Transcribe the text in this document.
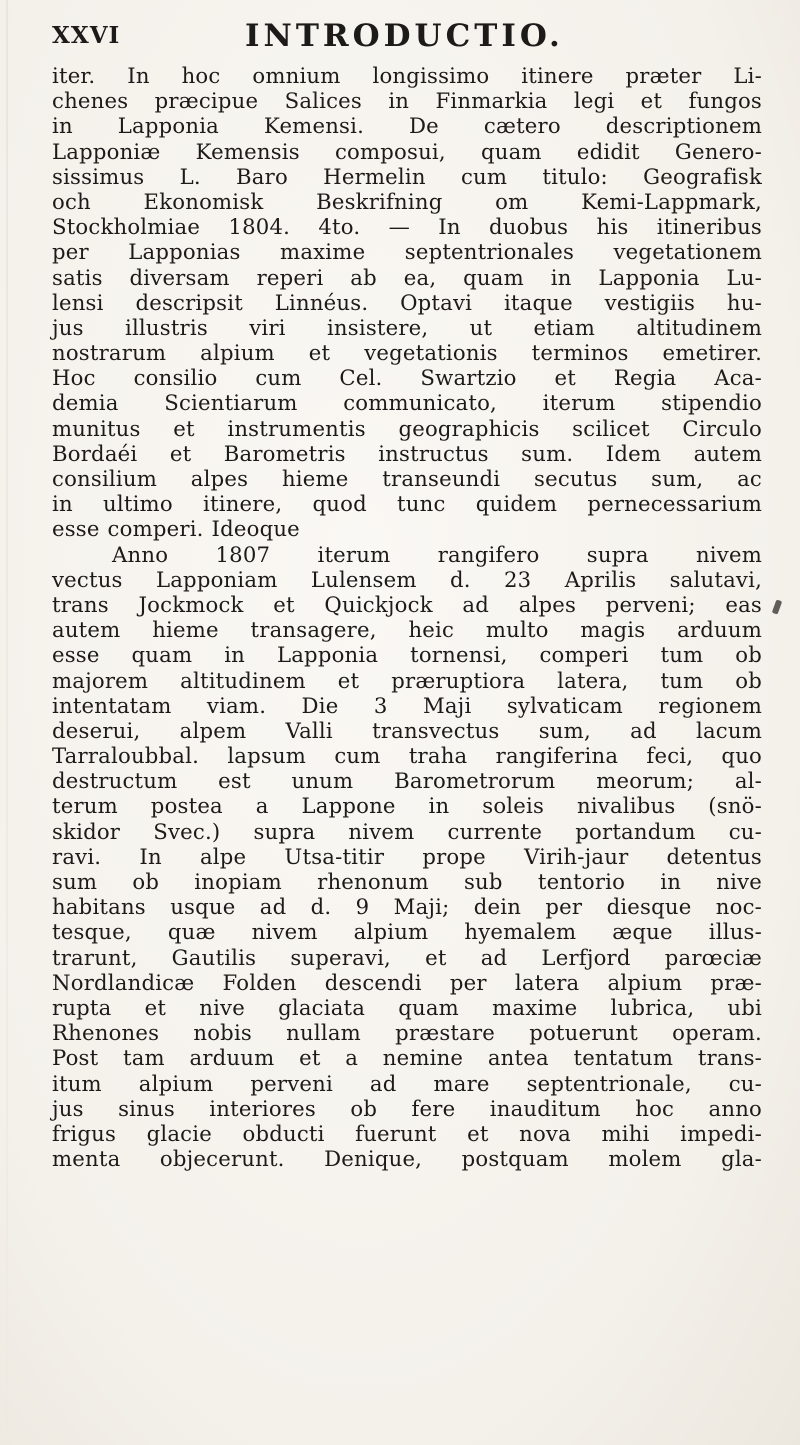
XXVI	INTRODUCTIO.
iter. In hoc omnium longissimo itinere præter Li-
chenes præcipue Salices in Finmarkia legi et fungos
in Lapponia Kemensi. De cætero descriptionem
Lapponiæ Kemensis composui, quam edidit Genero-
sissimus L. Baro Hermelin cum titulo: Geografisk
och Ekonomisk Beskrifning om Kemi-Lappmark,
Stockholmiae 1804. 4to. — In duobus his itineribus
per Lapponias maxime septentrionales vegetationem
satis diversam reperi ab ea, quam in Lapponia Lu-
lensi descripsit Linnéus. Optavi itaque vestigiis hu-
jus illustris viri insistere, ut etiam altitudinem
nostrarum alpium et vegetationis terminos emetirer.
Hoc consilio cum Cel. Swartzio et Regia Aca-
demia Scientiarum communicato, iterum stipendio
munitus et instrumentis geographicis scilicet Circulo
Bordaéi et Barometris instructus sum. Idem autem
consilium alpes hieme transeundi secutus sum, ac
in ultimo itinere, quod tunc quidem pernecessarium
esse comperi. Ideoque
Anno 1807 iterum rangifero supra nivem
vectus Lapponiam Lulensem d. 23 Aprilis salutavi,
trans Jockmock et Quickjock ad alpes perveni; eas
autem hieme transagere, heic multo magis arduum
esse quam in Lapponia tornensi, comperi tum ob
majorem altitudinem et præruptiora latera, tum ob
intentatam viam. Die 3 Maji sylvaticam regionem
deserui, alpem Valli transvectus sum, ad lacum
Tarraloubbal. lapsum cum traha rangiferina feci, quo
destructum est unum Barometrorum meorum; al-
terum postea a Lappone in soleis nivalibus (snö-
skidor Svec.) supra nivem currente portandum cu-
ravi. In alpe Utsa-titir prope Virih-jaur detentus
sum ob inopiam rhenonum sub tentorio in nive
habitans usque ad d. 9 Maji; dein per diesque noc-
tesque, quæ nivem alpium hyemalem æque illus-
trarunt, Gautilis superavi, et ad Lerfjord parœciæ
Nordlandicæ Folden descendi per latera alpium præ-
rupta et nive glaciata quam maxime lubrica, ubi
Rhenones nobis nullam præstare potuerunt operam.
Post tam arduum et a nemine antea tentatum trans-
itum alpium perveni ad mare septentrionale, cu-
jus sinus interiores ob fere inauditum hoc anno
frigus glacie obducti fuerunt et nova mihi impedi-
menta objecerunt. Denique, postquam molem gla-
